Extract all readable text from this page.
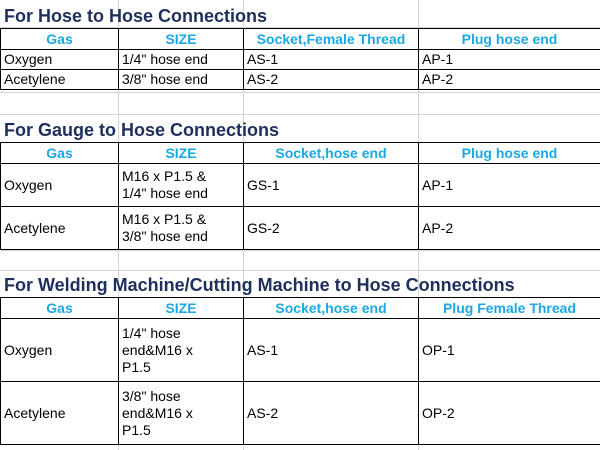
For Hose to Hose Connections
Gas	SIZE	Socket,Female Thread	Plug hose end
Oxygen	1/4" hose end	AS-1	AP-1
Acetylene	3/8" hose end	AS-2	AP-2
For Gauge to Hose Connections
Gas	SIZE	Socket,hose end	Plug hose end
Oxygen	M16 x P1.5 &
1/4" hose end	GS-1	AP-1
Acetylene	M16 x P1.5 &
3/8" hose end	GS-2	AP-2
For Welding Machine/Cutting Machine to Hose Connections
Gas	SIZE	Socket,hose end	Plug Female Thread
Oxygen	1/4" hose
end&M16 x
P1.5	AS-1	OP-1
Acetylene	3/8" hose
end&M16 x
P1.5	AS-2	OP-2
